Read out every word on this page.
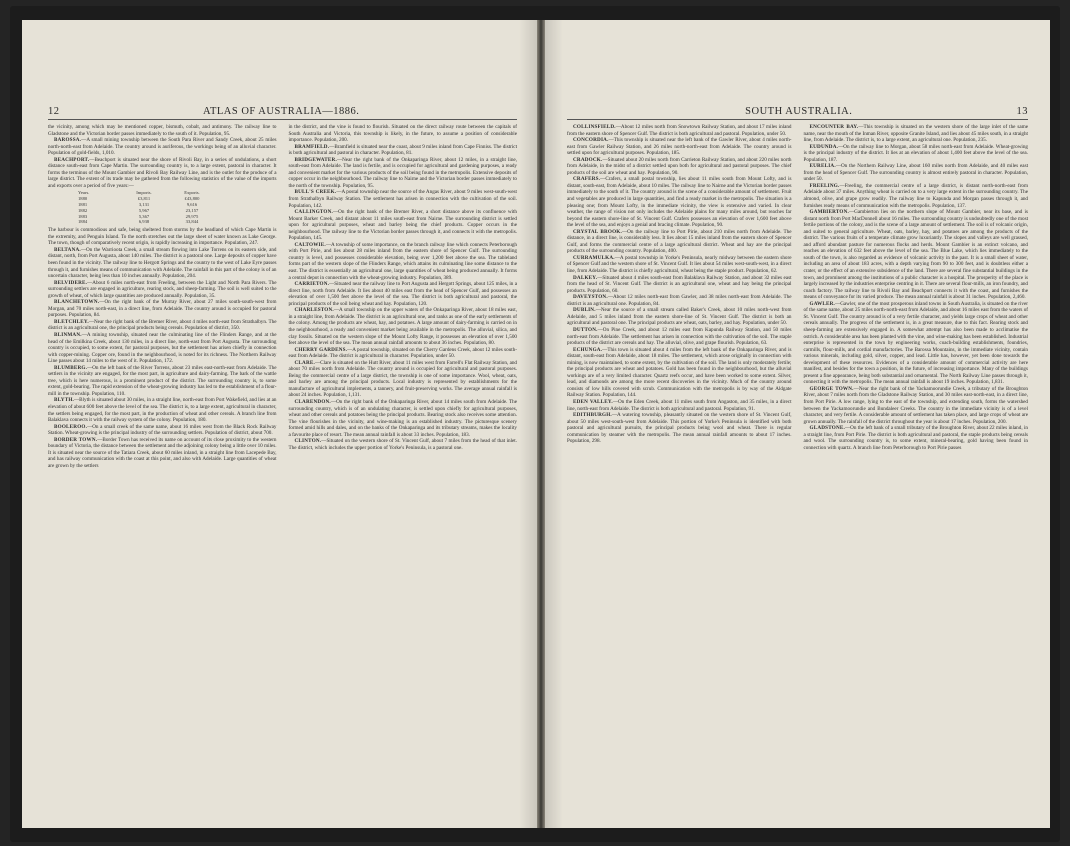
12	ATLAS OF AUSTRALIA—1886.

the vicinity, among which may be mentioned copper, bismuth, cobalt, and antimony. The railway line to Gladstone and the Victorian border passes immediately to the south of it. Population, 95.

BAROSSA.—A small mining township between the South Para River and Sandy Creek, about 25 miles north-north-east from Adelaide. The country around is auriferous, the workings being of an alluvial character. Population of gold-fields, 1,010.

BEACHPORT.—Beachport is situated near the shore of Rivoli Bay, in a series of undulations, a short distance south-east from Cape Martin. The surrounding country is, to a large extent, pastoral in character. It forms the terminus of the Mount Gambier and Rivoli Bay Railway Line, and is the outlet for the produce of a large district. The extent of its trade may be gathered from the following statistics of the value of the imports and exports over a period of five years:—

Years.	Imports.	Exports.
1880	£3,811	£43,800
1881	3,131	9,616
1882	5,967	23,157
1883	5,367	29,975
1884	6,938	33,844

The harbour is commodious and safe, being sheltered from storms by the headland of which Cape Martin is the extremity, and Penguin Island. To the north stretches out the large sheet of water known as Lake George. The town, though of comparatively recent origin, is rapidly increasing in importance. Population, 247.

BELTANA.—On the Warrioota Creek, a small stream flowing into Lake Torrens on its eastern side, and distant, north, from Port Augusta, about 140 miles. The district is a pastoral one. Large deposits of copper have been found in the vicinity. The railway line to Hergott Springs and the country to the west of Lake Eyre passes through it, and furnishes means of communication with Adelaide. The rainfall in this part of the colony is of an uncertain character, being less than 10 inches annually. Population, 204.

BELVIDERE.—About 6 miles north-east from Freeling, between the Light and North Para Rivers. The surrounding settlers are engaged in agriculture, rearing stock, and sheep-farming. The soil is well suited to the growth of wheat, of which large quantities are produced annually. Population, 35.

BLANCHETOWN.—On the right bank of the Murray River, about 27 miles south-south-west from Morgan, and 70 miles north-east, in a direct line, from Adelaide. The country around is occupied for pastoral purposes. Population, 84.

BLETCHLEY.—Near the right bank of the Bremer River, about 4 miles north-east from Strathalbyn. The district is an agricultural one, the principal products being cereals. Population of district, 350.

BLINMAN.—A mining township, situated near the culminating line of the Flinders Range, and at the head of the Emilkina Creek, about 130 miles, in a direct line, north-east from Port Augusta. The surrounding country is occupied, to some extent, for pastoral purposes, but the settlement has arisen chiefly in connection with copper-mining. Copper ore, found in the neighbourhood, is noted for its richness. The Northern Railway Line passes about 14 miles to the west of it. Population, 172.

BLUMBERG.—On the left bank of the River Torrens, about 23 miles east-north-east from Adelaide. The settlers in the vicinity are engaged, for the most part, in agriculture and dairy-farming. The bark of the wattle tree, which is here numerous, is a prominent product of the district. The surrounding country is, to some extent, gold-bearing. The rapid extension of the wheat-growing industry has led to the establishment of a flour-mill in the township. Population, 110.

BLYTH.—Blyth is situated about 30 miles, in a straight line, north-east from Port Wakefield, and lies at an elevation of about 600 feet above the level of the sea. The district is, to a large extent, agricultural in character, the settlers being engaged, for the most part, in the production of wheat and other cereals. A branch line from Balaklava connects it with the railway system of the colony. Population, 180.

BOOLEROO.—On a small creek of the same name, about 16 miles west from the Black Rock Railway Station. Wheat-growing is the principal industry of the surrounding settlers. Population of district, about 700.

BORDER TOWN.—Border Town has received its name on account of its close proximity to the western boundary of Victoria, the distance between the settlement and the adjoining colony being a little over 10 miles. It is situated near the source of the Tatiara Creek, about 60 miles inland, in a straight line from Lacepede Bay, and has railway communication with the coast at this point, and also with Adelaide. Large quantities of wheat are grown by the settlers

in the district, and the vine is found to flourish. Situated on the direct railway route between the capitals of South Australia and Victoria, this township is likely, in the future, to assume a position of considerable importance. Population, 200.

BRAMFIELD.—Bramfield is situated near the coast, about 9 miles inland from Cape Finniss. The district is both agricultural and pastoral in character. Population, 81.

BRIDGEWATER.—Near the right bank of the Onkaparinga River, about 12 miles, in a straight line, south-east from Adelaide. The land is fertile, and is occupied for agricultural and gardening purposes, a ready and convenient market for the various products of the soil being found in the metropolis. Extensive deposits of copper occur in the neighbourhood. The railway line to Nairne and the Victorian border passes immediately to the north of the township. Population, 95.

BULL'S CREEK.—A postal township near the source of the Angas River, about 9 miles west-south-west from Strathalbyn Railway Station. The settlement has arisen in connection with the cultivation of the soil. Population, 142.

CALLINGTON.—On the right bank of the Bremer River, a short distance above its confluence with Mount Barker Creek, and distant about 11 miles south-east from Nairne. The surrounding district is settled upon for agricultural purposes, wheat and barley being the chief products. Copper occurs in the neighbourhood. The railway line to the Victorian border passes through it, and connects it with the metropolis. Population, 145.

CALTOWIE.—A township of some importance, on the branch railway line which connects Peterborough with Port Pirie, and lies about 28 miles inland from the eastern shore of Spencer Gulf. The surrounding country is level, and possesses considerable elevation, being over 1,200 feet above the sea. The tableland forms part of the western slope of the Flinders Range, which attains its culminating line some distance to the east. The district is essentially an agricultural one, large quantities of wheat being produced annually. It forms a central depot in connection with the wheat-growing industry. Population, 389.

CARRIETON.—Situated near the railway line to Port Augusta and Hergott Springs, about 125 miles, in a direct line, north from Adelaide. It lies about 40 miles east from the head of Spencer Gulf, and possesses an elevation of over 1,500 feet above the level of the sea. The district is both agricultural and pastoral, the principal products of the soil being wheat and hay. Population, 120.

CHARLESTON.—A small township on the upper waters of the Onkaparinga River, about 18 miles east, in a straight line, from Adelaide. The district is an agricultural one, and ranks as one of the early settlements of the colony. Among the products are wheat, hay, and potatoes. A large amount of dairy-farming is carried on in the neighbourhood, a ready and convenient market being available in the metropolis. The alluvial, silica, and clay fossils. Situated on the western slope of the Mount Lofty Range, it possesses an elevation of over 1,500 feet above the level of the sea. The mean annual rainfall amounts to about 36 inches. Population, 80.

CHERRY GARDENS.—A postal township, situated on the Cherry Gardens Creek, about 12 miles south-east from Adelaide. The district is agricultural in character. Population, under 50.

CLARE.—Clare is situated on the Hutt River, about 11 miles west from Farrell's Flat Railway Station, and about 70 miles north from Adelaide. The country around is occupied for agricultural and pastoral purposes. Being the commercial centre of a large district, the township is one of some importance. Wool, wheat, oats, and barley are among the principal products. Local industry is represented by establishments for the manufacture of agricultural implements, a tannery, and fruit-preserving works. The average annual rainfall is about 24 inches. Population, 1,131.

CLARENDON.—On the right bank of the Onkaparinga River, about 14 miles south from Adelaide. The surrounding country, which is of an undulating character, is settled upon chiefly for agricultural purposes, wheat and other cereals and potatoes being the principal products. Bearing stock also receives some attention. The vine flourishes in the vicinity, and wine-making is an established industry. The picturesque scenery formed amid hills and dales, and on the banks of the Onkaparinga and its tributary streams, makes the locality a favourite place of resort. The mean annual rainfall is about 33 inches. Population, 183.

CLINTON.—Situated on the western shore of St. Vincent Gulf, about 7 miles from the head of that inlet. The district, which includes the upper portion of Yorke's Peninsula, is a pastoral one.

SOUTH AUSTRALIA.	13

COLLINSFIELD.—About 12 miles north from Snowtown Railway Station, and about 17 miles inland from the eastern shore of Spencer Gulf. The district is both agricultural and pastoral. Population, under 50.

CONCORDIA.—This township is situated near the left bank of the Gawler River, about 4 miles north-east from Gawler Railway Station, and 26 miles north-north-east from Adelaide. The country around is settled upon for agricultural purposes. Population, 185.

CRADOCK.—Situated about 20 miles north from Carrieton Railway Station, and about 220 miles north from Adelaide, in the midst of a district settled upon both for agricultural and pastoral purposes. The chief products of the soil are wheat and hay. Population, 90.

CRAFERS.—Crafers, a small postal township, lies about 11 miles south from Mount Lofty, and is distant, south-east, from Adelaide, about 10 miles. The railway line to Nairne and the Victorian border passes immediately to the south of it. The country around is the scene of a considerable amount of settlement. Fruit and vegetables are produced in large quantities, and find a ready market in the metropolis. The situation is a pleasing one; from Mount Lofty, in the immediate vicinity, the view is extensive and varied. In clear weather, the range of vision not only includes the Adelaide plains for many miles around, but reaches far beyond the eastern shore-line of St. Vincent Gulf. Crafers possesses an elevation of over 1,600 feet above the level of the sea, and enjoys a genial and bracing climate. Population, 90.

CRYSTAL BROOK.—On the railway line to Port Pirie, about 210 miles north from Adelaide. The distance, in a direct line, is considerably less. It lies about 15 miles inland from the eastern shore of Spencer Gulf, and forms the commercial centre of a large agricultural district. Wheat and hay are the principal products of the surrounding country. Population, 400.

CURRAMULKA.—A postal township in Yorke's Peninsula, nearly midway between the eastern shore of Spencer Gulf and the western shore of St. Vincent Gulf. It lies about 54 miles west-south-west, in a direct line, from Adelaide. The district is chiefly agricultural, wheat being the staple product. Population, 62.

DALKEY.—Situated about 4 miles south-east from Balaklava Railway Station, and about 32 miles east from the head of St. Vincent Gulf. The district is an agricultural one, wheat and hay being the principal products. Population, 60.

DAVEYSTON.—About 12 miles north-east from Gawler, and 38 miles north-east from Adelaide. The district is an agricultural one. Population, 84.

DUBLIN.—Near the source of a small stream called Baker's Creek, about 10 miles north-west from Adelaide, and 5 miles inland from the eastern shore-line of St. Vincent Gulf. The district is both an agricultural and pastoral one. The principal products are wheat, oats, barley, and hay. Population, under 50.

DUTTON.—On Pine Creek, and about 12 miles east from Kapunda Railway Station, and 50 miles north-east from Adelaide. The settlement has arisen in connection with the cultivation of the soil. The staple products of the district are cereals and hay. The alluvial, olive, and grape flourish. Population, 63.

ECHUNGA.—This town is situated about 4 miles from the left bank of the Onkaparinga River, and is distant, south-east from Adelaide, about 18 miles. The settlement, which arose originally in connection with mining, is now maintained, to some extent, by the cultivation of the soil. The land is only moderately fertile; the principal products are wheat and potatoes. Gold has been found in the neighbourhood, but the alluvial workings are of a very limited character. Quartz reefs occur, and have been worked to some extent. Silver, lead, and diamonds are among the more recent discoveries in the vicinity. Much of the country around consists of low hills covered with scrub. Communication with the metropolis is by way of the Aldgate Railway Station. Population, 144.

EDEN VALLEY.—On the Eden Creek, about 11 miles south from Angaston, and 35 miles, in a direct line, north-east from Adelaide. The district is both agricultural and pastoral. Population, 91.

EDITHBURGH.—A watering township, pleasantly situated on the western shore of St. Vincent Gulf, about 50 miles west-south-west from Adelaide. This portion of Yorke's Peninsula is identified with both pastoral and agricultural pursuits, the principal products being wool and wheat. There is regular communication by steamer with the metropolis. The mean annual rainfall amounts to about 17 inches. Population, 298.

ENCOUNTER BAY.—This township is situated on the western shore of the large inlet of the same name, near the mouth of the Inman River, opposite Granite Island, and lies about 45 miles south, in a straight line, from Adelaide. The district is, to a large extent, an agricultural one. Population, 235.

EUDUNDA.—On the railway line to Morgan, about 58 miles north-east from Adelaide. Wheat-growing is the principal industry of the district. It lies at an elevation of about 1,400 feet above the level of the sea. Population, 187.

EURELIA.—On the Northern Railway Line, about 160 miles north from Adelaide, and 40 miles east from the head of Spencer Gulf. The surrounding country is almost entirely pastoral in character. Population, under 50.

FREELING.—Freeling, the commercial centre of a large district, is distant north-north-east from Adelaide about 37 miles. Anything wheat is carried on to a very large extent in the surrounding country. The almond, olive, and grape grow readily. The railway line to Kapunda and Morgan passes through it, and furnishes ready means of communication with the metropolis. Population, 137.

GAMBIERTON.—Gambierton lies on the northern slope of Mount Gambier, near its base, and is distant north from Port MacDonnell about 16 miles. The surrounding country is undoubtedly one of the most fertile portions of the colony, and is the scene of a large amount of settlement. The soil is of volcanic origin, and suited to general agriculture. Wheat, oats, barley, hay, and potatoes are among the products of the district. The various fruits of a temperate climate grow luxuriantly. The slopes and valleys are well grassed, and afford abundant pasture for numerous flocks and herds. Mount Gambier is an extinct volcano, and reaches an elevation of 632 feet above the level of the sea. The Blue Lake, which lies immediately to the south of the town, is also regarded as evidence of volcanic activity in the past. It is a small sheet of water, including an area of about 183 acres, with a depth varying from 90 to 300 feet, and is doubtless either a crater, or the effect of an extensive subsidence of the land. There are several fine substantial buildings in the town, and prominent among the institutions of a public character is a hospital. The prosperity of the place is largely increased by the industries enterprise centring in it. There are several flour-mills, an iron foundry, and coach factory. The railway line to Rivoli Bay and Beachport connects it with the coast, and furnishes the means of conveyance for its varied produce. The mean annual rainfall is about 31 inches. Population, 2,460.

GAWLER.—Gawler, one of the most prosperous inland towns in South Australia, is situated on the river of the same name, about 25 miles north-north-east from Adelaide, and about 16 miles east from the waters of St. Vincent Gulf. The country around is of a very fertile character, and yields large crops of wheat and other cereals annually. The progress of the settlement is, in a great measure, due to this fact. Rearing stock and sheep-farming are extensively engaged in. A somewhat attempt has also been made to acclimatise the ostrich. A considerable area has been planted with the vine, and wine-making has been established. Industrial enterprise is represented in the town by engineering works, coach-building establishments, foundries, carmills, flour-mills, and cordial manufactories. The Barossa Mountains, in the immediate vicinity, contain various minerals, including gold, silver, copper, and lead. Little has, however, yet been done towards the development of these resources. Evidences of a considerable amount of commercial activity are here manifest, and besides for the town a position, in the future, of increasing importance. Many of the buildings present a fine appearance, being both substantial and ornamental. The North Railway Line passes through it, connecting it with the metropolis. The mean annual rainfall is about 19 inches. Population, 1,831.

GEORGE TOWN.—Near the right bank of the Yackamoorundie Creek, a tributary of the Broughton River, about 7 miles north from the Gladstone Railway Station, and 30 miles east-north-east, in a direct line, from Port Pirie. A low range, lying to the east of the township, and extending south, forms the watershed between the Yackamoorundie and Bundaleer Creeks. The country in the immediate vicinity is of a level character, and very fertile. A considerable amount of settlement has taken place, and large crops of wheat are grown annually. The rainfall of the district throughout the year is about 17 inches. Population, 200.

GLADSTONE.—On the left bank of a small tributary of the Broughton River, about 22 miles inland, in a straight line, from Port Pirie. The district is both agricultural and pastoral, the staple products being cereals and wool. The surrounding country is, to some extent, mineral-bearing, gold having been found in connection with quartz. A branch line from Peterborough to Port Pirie passes
